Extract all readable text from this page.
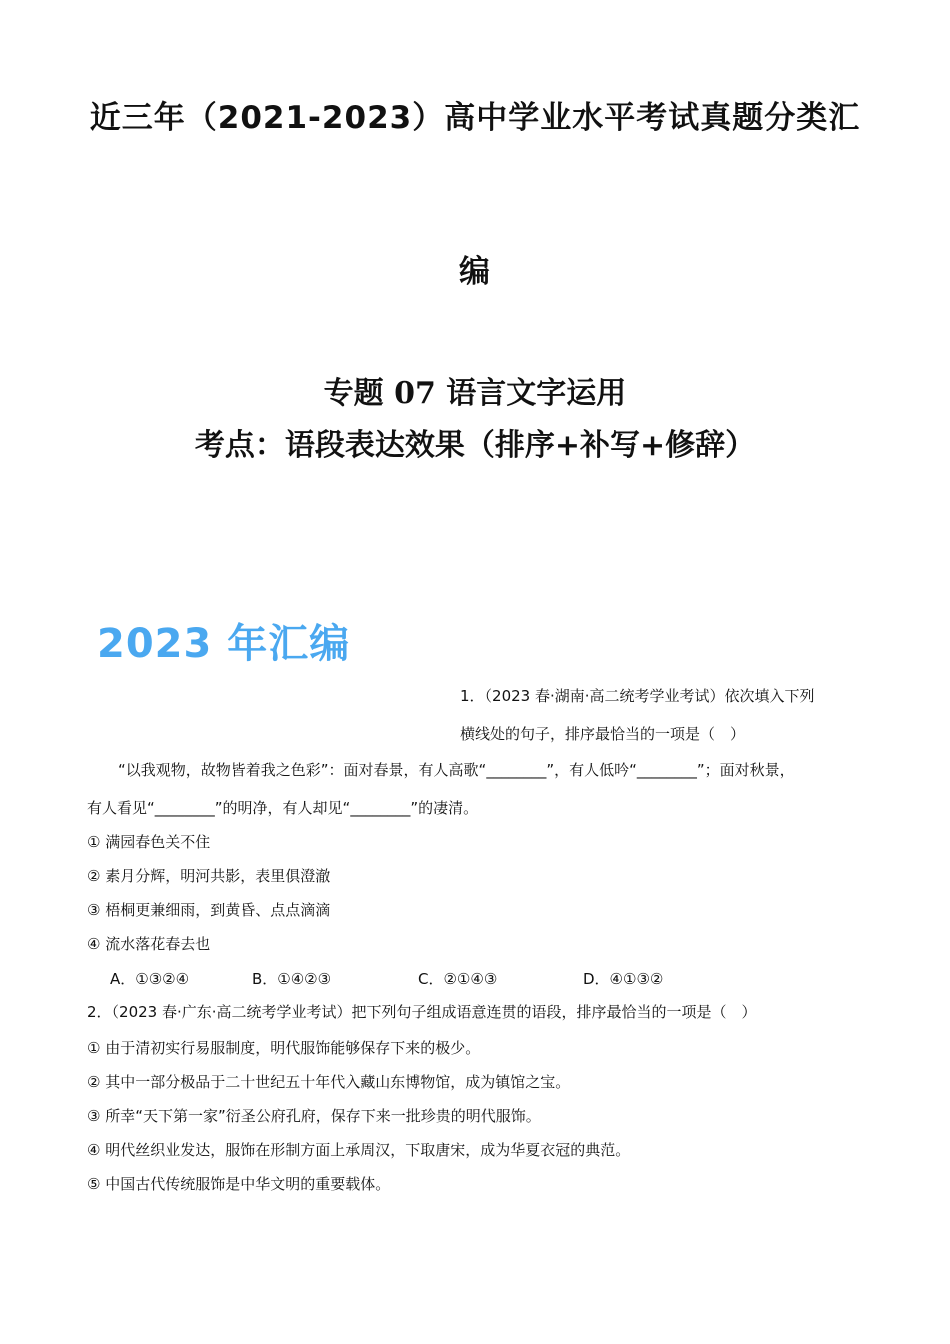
近三年（2021-2023）高中学业水平考试真题分类汇
编
专题 07 语言文字运用
考点：语段表达效果（排序+补写+修辞）
2023 年汇编
1．（2023 春·湖南·高二统考学业考试）依次填入下列
横线处的句子，排序最恰当的一项是（　）
“以我观物，故物皆着我之色彩”：面对春景，有人高歌“________”，有人低吟“________”；面对秋景，
有人看见“________”的明净，有人却见“________”的凄清。
① 满园春色关不住
② 素月分辉，明河共影，表里俱澄澈
③ 梧桐更兼细雨，到黄昏、点点滴滴
④ 流水落花春去也
A．①③②④	B．①④②③	C．②①④③	D．④①③②
2．（2023 春·广东·高二统考学业考试）把下列句子组成语意连贯的语段，排序最恰当的一项是（　）
① 由于清初实行易服制度，明代服饰能够保存下来的极少。
② 其中一部分极品于二十世纪五十年代入藏山东博物馆，成为镇馆之宝。
③ 所幸“天下第一家”衍圣公府孔府，保存下来一批珍贵的明代服饰。
④ 明代丝织业发达，服饰在形制方面上承周汉，下取唐宋，成为华夏衣冠的典范。
⑤ 中国古代传统服饰是中华文明的重要载体。
